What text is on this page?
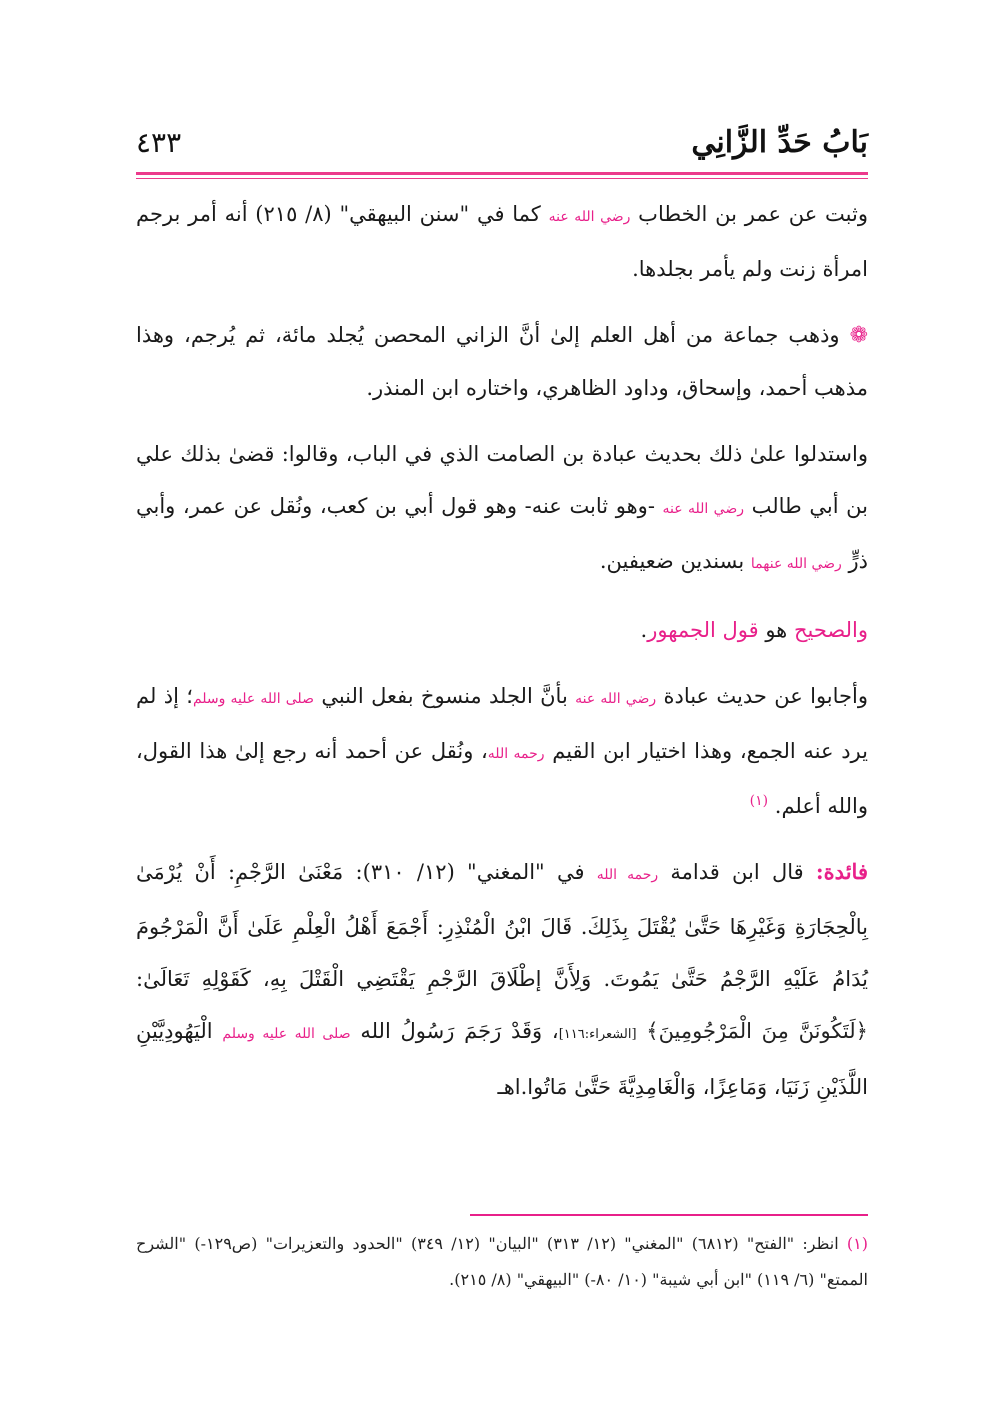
بَابُ حَدِّ الزَّانِي
٤٣٣

وثبت عن عمر بن الخطاب رضي الله عنه كما في "سنن البيهقي" (٨/ ٢١٥) أنه أمر برجم امرأة زنت ولم يأمر بجلدها.

❁ وذهب جماعة من أهل العلم إلىٰ أنَّ الزاني المحصن يُجلد مائة، ثم يُرجم، وهذا مذهب أحمد، وإسحاق، وداود الظاهري، واختاره ابن المنذر.

واستدلوا علىٰ ذلك بحديث عبادة بن الصامت الذي في الباب، وقالوا: قضىٰ بذلك علي بن أبي طالب رضي الله عنه -وهو ثابت عنه- وهو قول أبي بن كعب، ونُقل عن عمر، وأبي ذرٍّ رضي الله عنهما بسندين ضعيفين.

والصحيح هو قول الجمهور.

وأجابوا عن حديث عبادة رضي الله عنه بأنَّ الجلد منسوخ بفعل النبي صلى الله عليه وسلم؛ إذ لم يرد عنه الجمع، وهذا اختيار ابن القيم رحمه الله، ونُقل عن أحمد أنه رجع إلىٰ هذا القول، والله أعلم. $^{(١)}$

فائدة: قال ابن قدامة رحمه الله في "المغني" (١٢/ ٣١٠): مَعْنَىٰ الرَّجْمِ: أَنْ يُرْمَىٰ بِالْحِجَارَةِ وَغَيْرِهَا حَتَّىٰ يُقْتَلَ بِذَلِكَ. قَالَ ابْنُ الْمُنْذِرِ: أَجْمَعَ أَهْلُ الْعِلْمِ عَلَىٰ أَنَّ الْمَرْجُومَ يُدَامُ عَلَيْهِ الرَّجْمُ حَتَّىٰ يَمُوتَ. وَلِأَنَّ إطْلَاقَ الرَّجْمِ يَقْتَضِي الْقَتْلَ بِهِ، كَقَوْلِهِ تَعَالَىٰ: ﴿لَتَكُونَنَّ مِنَ الْمَرْجُومِينَ﴾ [الشعراء:١١٦]، وَقَدْ رَجَمَ رَسُولُ الله صلى الله عليه وسلم الْيَهُودِيَّيْنِ اللَّذَيْنِ زَنَيَا، وَمَاعِزًا، وَالْغَامِدِيَّةَ حَتَّىٰ مَاتُوا.اهـ

(١) انظر: "الفتح" (٦٨١٢) "المغني" (١٢/ ٣١٣) "البيان" (١٢/ ٣٤٩) "الحدود والتعزيرات" (ص١٢٩-) "الشرح الممتع" (٦/ ١١٩) "ابن أبي شيبة" (١٠/ ٨٠-) "البيهقي" (٨/ ٢١٥).
